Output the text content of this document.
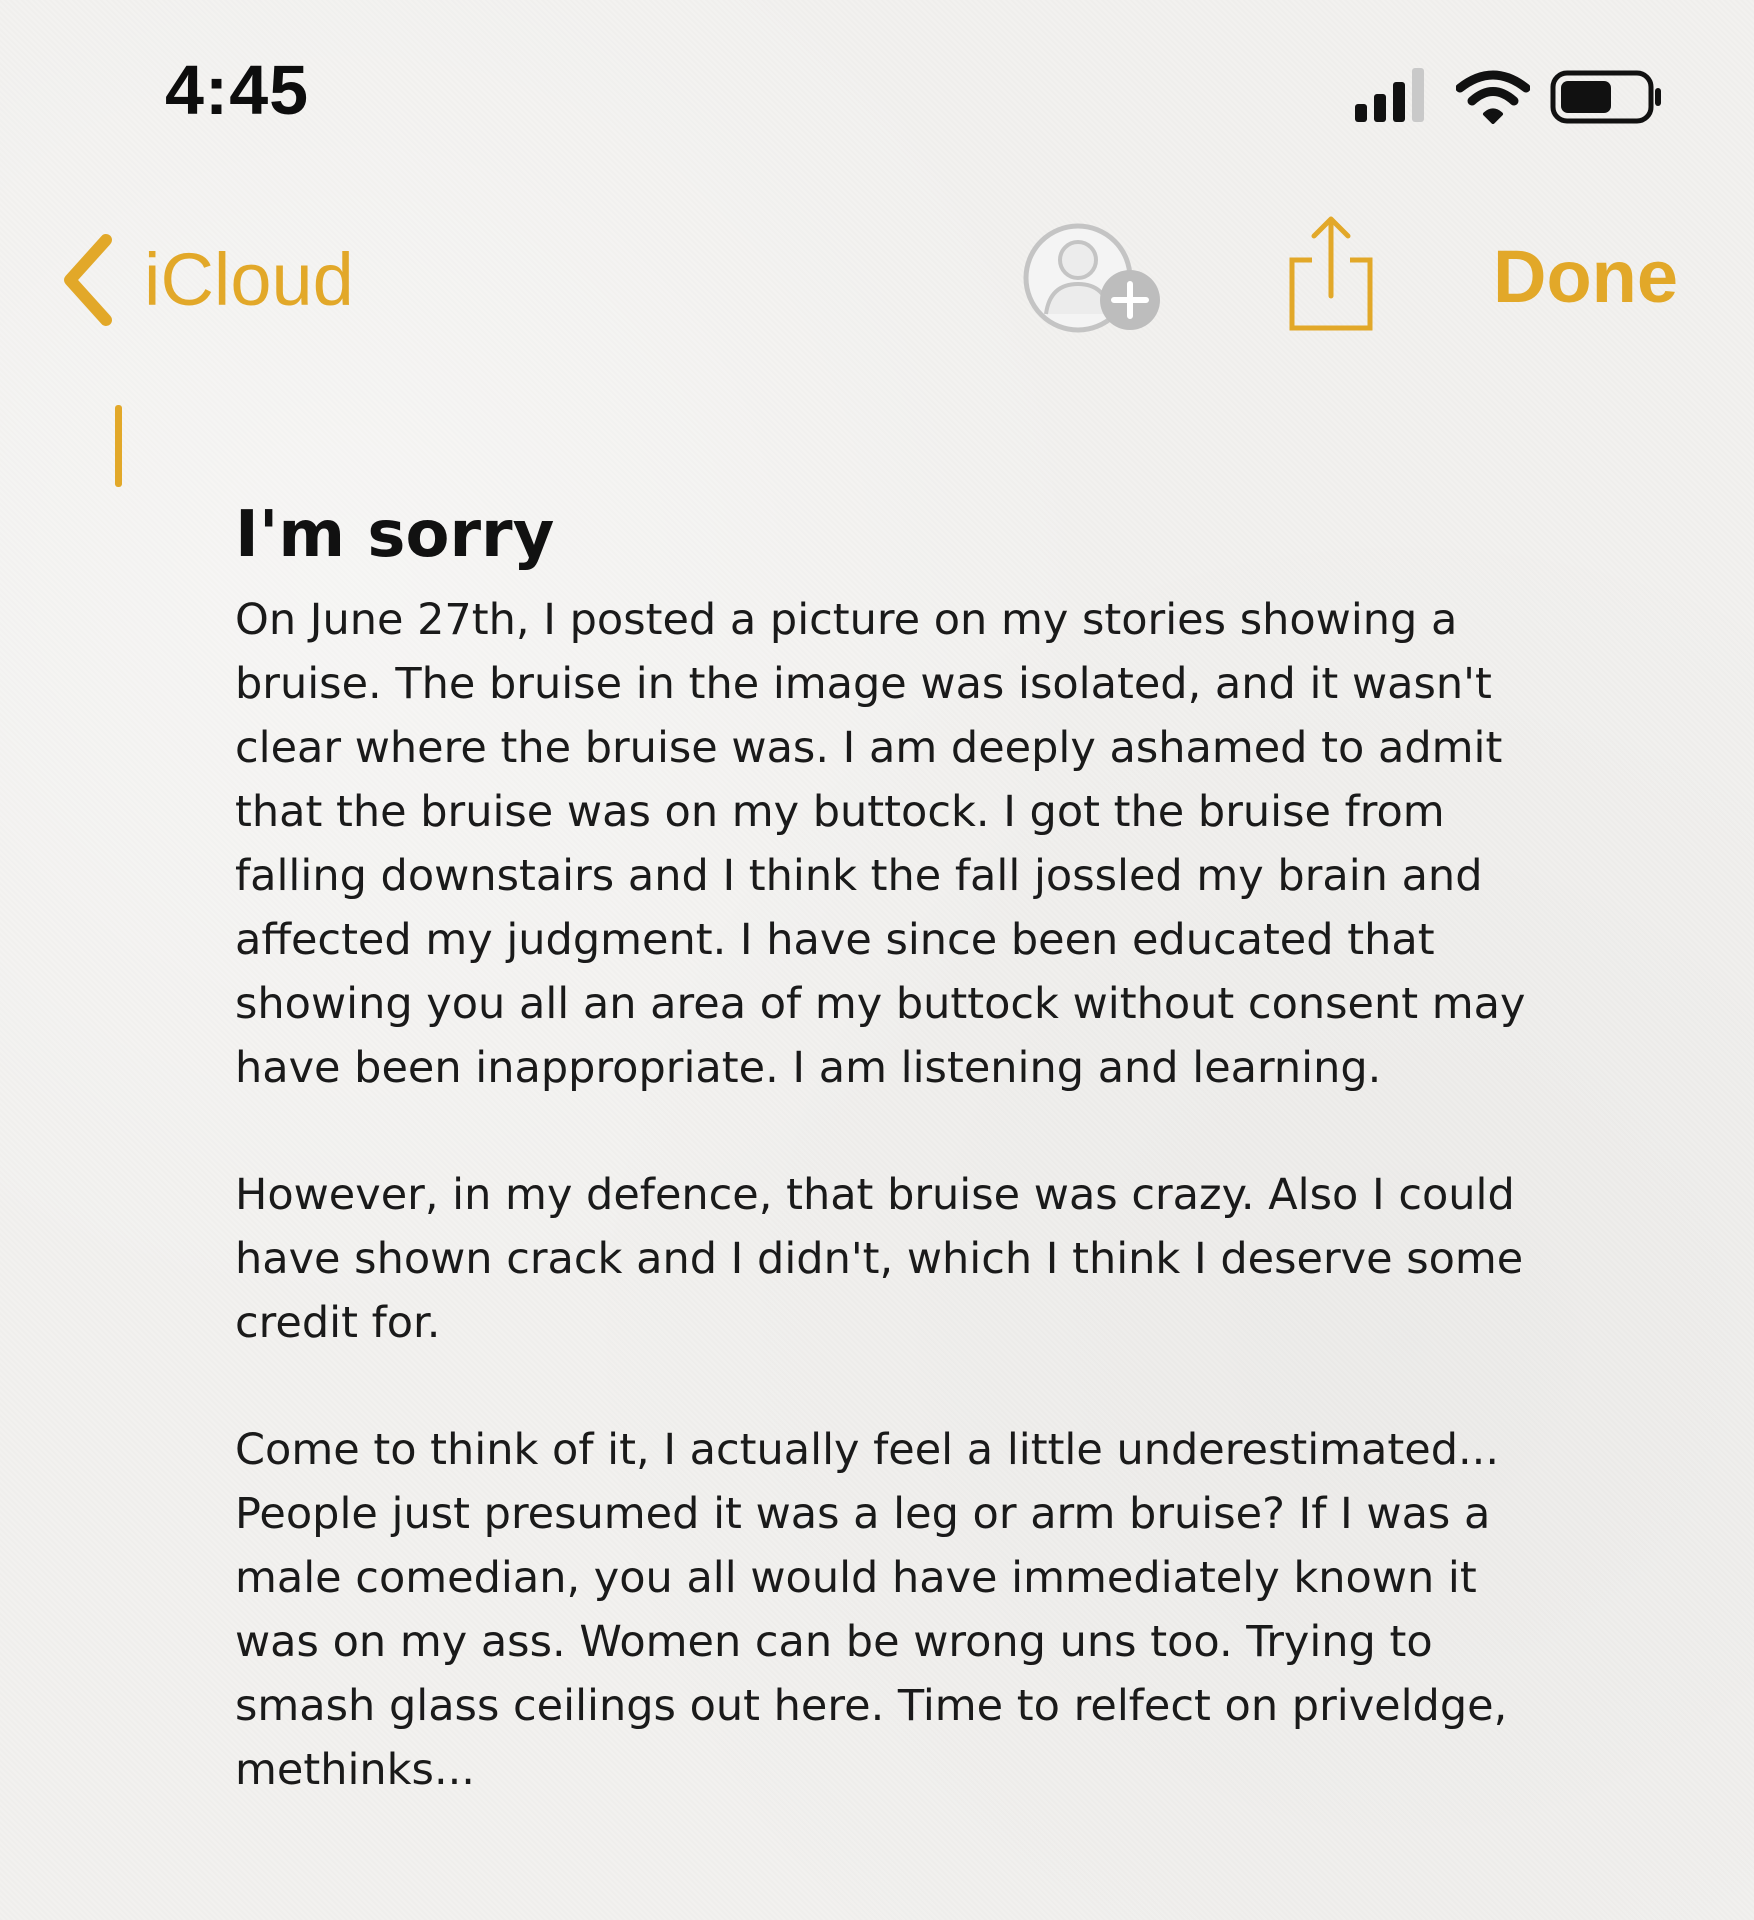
4:45
iCloud	Done
I'm sorry
On June 27th, I posted a picture on my stories showing a
bruise. The bruise in the image was isolated, and it wasn't
clear where the bruise was. I am deeply ashamed to admit
that the bruise was on my buttock. I got the bruise from
falling downstairs and I think the fall jossled my brain and
affected my judgment. I have since been educated that
showing you all an area of my buttock without consent may
have been inappropriate. I am listening and learning.
However, in my defence, that bruise was crazy. Also I could
have shown crack and I didn't, which I think I deserve some
credit for.
Come to think of it, I actually feel a little underestimated...
People just presumed it was a leg or arm bruise? If I was a
male comedian, you all would have immediately known it
was on my ass. Women can be wrong uns too. Trying to
smash glass ceilings out here. Time to relfect on priveldge,
methinks...
